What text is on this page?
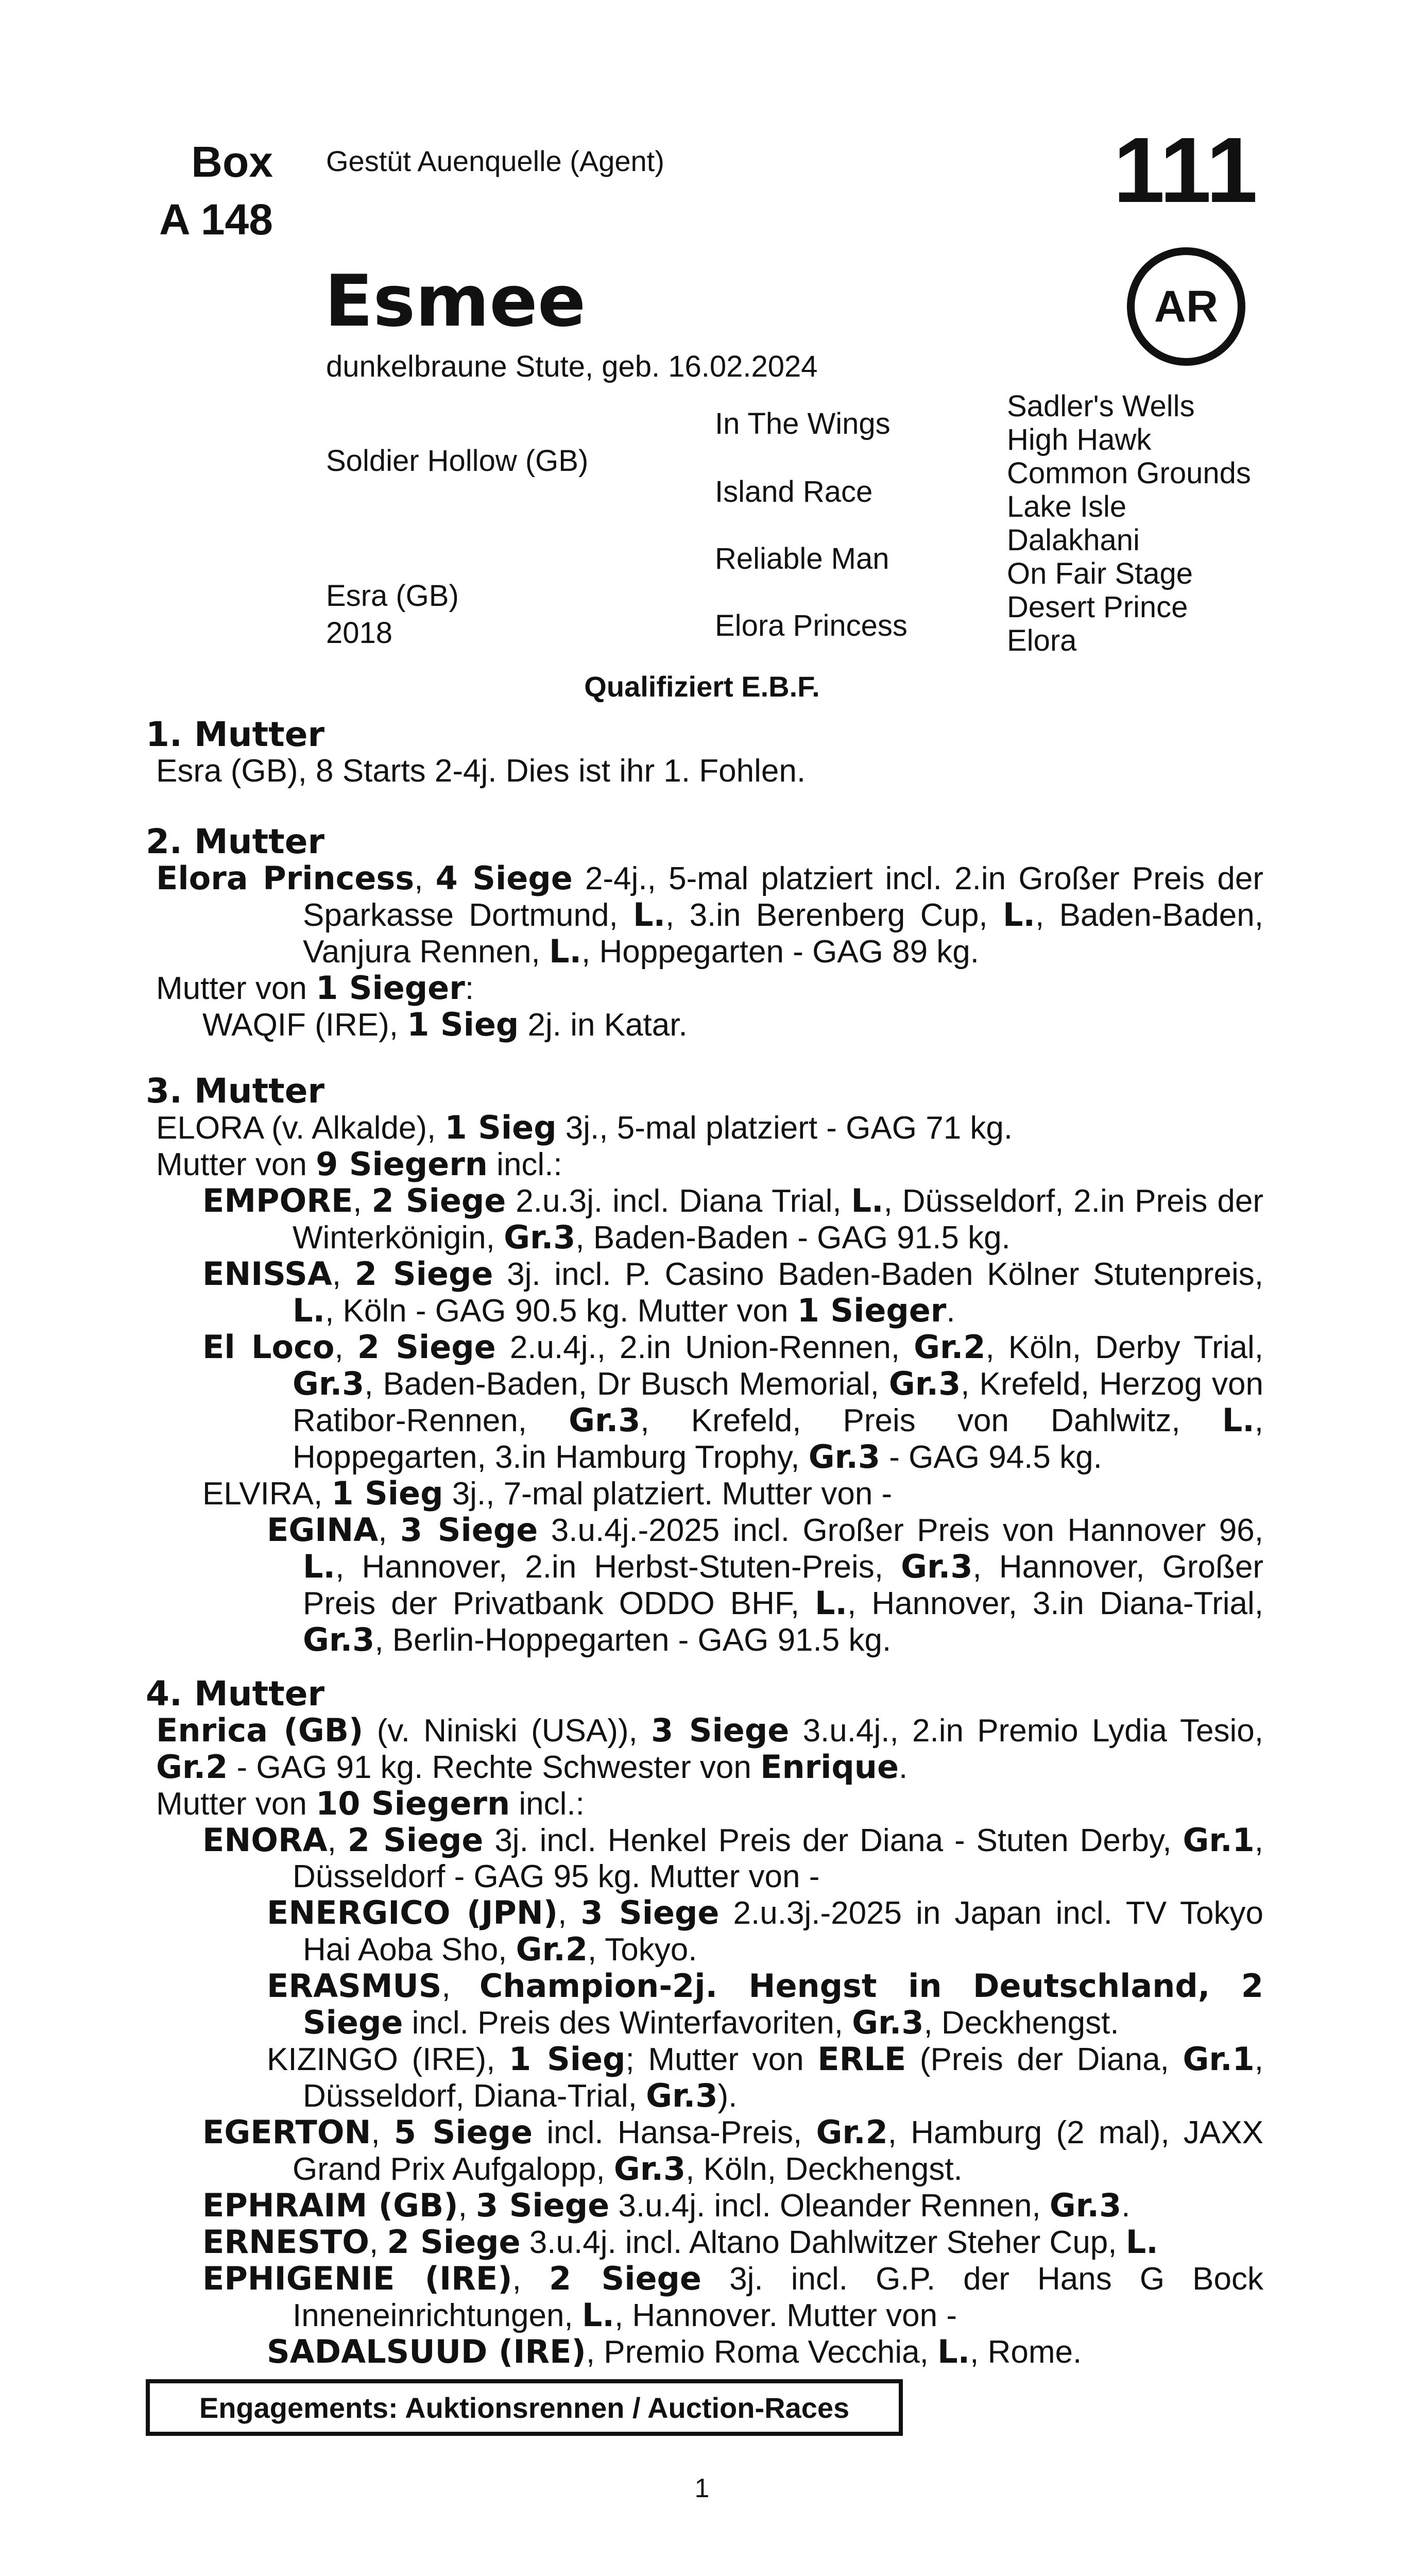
Box
A 148
Gestüt Auenquelle (Agent)	111
AR
Esmee
dunkelbraune Stute, geb. 16.02.2024
Soldier Hollow (GB)
Esra (GB)
2018
In The Wings
Island Race
Reliable Man
Elora Princess
Sadler's Wells
High Hawk
Common Grounds
Lake Isle
Dalakhani
On Fair Stage
Desert Prince
Elora
Qualifiziert E.B.F.
1. Mutter
Esra (GB), 8 Starts 2-4j. Dies ist ihr 1. Fohlen.
2. Mutter
Elora Princess, 4 Siege 2-4j., 5-mal platziert incl. 2.in Großer Preis der Sparkasse Dortmund, L., 3.in Berenberg Cup, L., Baden-Baden, Vanjura Rennen, L., Hoppegarten - GAG 89 kg.
Mutter von 1 Sieger:
WAQIF (IRE), 1 Sieg 2j. in Katar.
3. Mutter
ELORA (v. Alkalde), 1 Sieg 3j., 5-mal platziert - GAG 71 kg.
Mutter von 9 Siegern incl.:
EMPORE, 2 Siege 2.u.3j. incl. Diana Trial, L., Düsseldorf, 2.in Preis der Winterkönigin, Gr.3, Baden-Baden - GAG 91.5 kg.
ENISSA, 2 Siege 3j. incl. P. Casino Baden-Baden Kölner Stutenpreis, L., Köln - GAG 90.5 kg. Mutter von 1 Sieger.
El Loco, 2 Siege 2.u.4j., 2.in Union-Rennen, Gr.2, Köln, Derby Trial, Gr.3, Baden-Baden, Dr Busch Memorial, Gr.3, Krefeld, Herzog von Ratibor-Rennen, Gr.3, Krefeld, Preis von Dahlwitz, L., Hoppegarten, 3.in Hamburg Trophy, Gr.3 - GAG 94.5 kg.
ELVIRA, 1 Sieg 3j., 7-mal platziert. Mutter von -
EGINA, 3 Siege 3.u.4j.-2025 incl. Großer Preis von Hannover 96, L., Hannover, 2.in Herbst-Stuten-Preis, Gr.3, Hannover, Großer Preis der Privatbank ODDO BHF, L., Hannover, 3.in Diana-Trial, Gr.3, Berlin-Hoppegarten - GAG 91.5 kg.
4. Mutter
Enrica (GB) (v. Niniski (USA)), 3 Siege 3.u.4j., 2.in Premio Lydia Tesio, Gr.2 - GAG 91 kg. Rechte Schwester von Enrique.
Mutter von 10 Siegern incl.:
ENORA, 2 Siege 3j. incl. Henkel Preis der Diana - Stuten Derby, Gr.1, Düsseldorf - GAG 95 kg. Mutter von -
ENERGICO (JPN), 3 Siege 2.u.3j.-2025 in Japan incl. TV Tokyo Hai Aoba Sho, Gr.2, Tokyo.
ERASMUS, Champion-2j. Hengst in Deutschland, 2 Siege incl. Preis des Winterfavoriten, Gr.3, Deckhengst.
KIZINGO (IRE), 1 Sieg; Mutter von ERLE (Preis der Diana, Gr.1, Düsseldorf, Diana-Trial, Gr.3).
EGERTON, 5 Siege incl. Hansa-Preis, Gr.2, Hamburg (2 mal), JAXX Grand Prix Aufgalopp, Gr.3, Köln, Deckhengst.
EPHRAIM (GB), 3 Siege 3.u.4j. incl. Oleander Rennen, Gr.3.
ERNESTO, 2 Siege 3.u.4j. incl. Altano Dahlwitzer Steher Cup, L.
EPHIGENIE (IRE), 2 Siege 3j. incl. G.P. der Hans G Bock Inneneinrichtungen, L., Hannover. Mutter von -
SADALSUUD (IRE), Premio Roma Vecchia, L., Rome.
Engagements: Auktionsrennen / Auction-Races
1
